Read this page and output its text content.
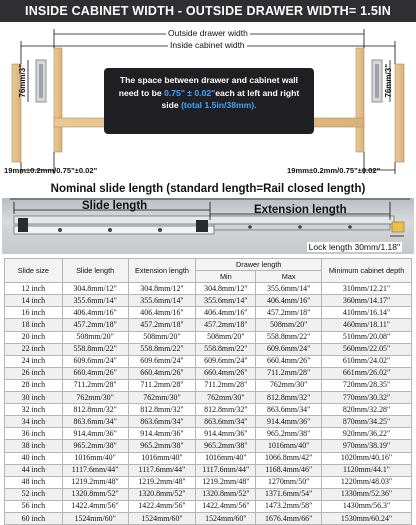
INSIDE CABINET WIDTH - OUTSIDE DRAWER WIDTH= 1.5IN
Outside drawer width
Inside cabinet width
76mm/3"	76mm/3"
The space between drawer and cabinet wall
need to be 0.75" ± 0.02"each at left and right
side (total 1.5in/38mm).
19mm±0.2mm/0.75"±0.02"	19mm±0.2mm/0.75"±0.02"
Nominal slide length (standard length=Rail closed length)
Slide length	Extension length
Lock length 30mm/1.18"
Slide size	Slide length	Extension length	Drawer length		Minimum cabinet depth
			Min	Max	
12 inch	304.8mm/12"	304.8mm/12"	304.8mm/12"	355.6mm/14"	310mm/12.21"
14 inch	355.6mm/14"	355.6mm/14"	355.6mm/14"	406.4mm/16"	360mm/14.17"
16 inch	406.4mm/16"	406.4mm/16"	406.4mm/16"	457.2mm/18"	410mm/16.14"
18 inch	457.2mm/18"	457.2mm/18"	457.2mm/18"	508mm/20"	460mm/18.11"
20 inch	508mm/20"	508mm/20"	508mm/20"	558.8mm/22"	510mm/20.08"
22 inch	558.8mm/22"	558.8mm/22"	558.8mm/22"	609.6mm/24"	560mm/22.05"
24 inch	609.6mm/24"	609.6mm/24"	609.6mm/24"	660.4mm/26"	610mm/24.02"
26 inch	660.4mm/26"	660.4mm/26"	660.4mm/26"	711.2mm/28"	661mm/26.02"
28 inch	711.2mm/28"	711.2mm/28"	711.2mm/28"	762mm/30"	720mm/28.35"
30 inch	762mm/30"	762mm/30"	762mm/30"	812.8mm/32"	770mm/30.32"
32 inch	812.8mm/32"	812.8mm/32"	812.8mm/32"	863.6mm/34"	820mm/32.28"
34 inch	863.6mm/34"	863.6mm/34"	863.6mm/34"	914.4mm/36"	870mm/34.25"
36 inch	914.4mm/36"	914.4mm/36"	914.4mm/36"	965.2mm/38"	920mm/36.22"
38 inch	965.2mm/38"	965.2mm/38"	965.2mm/38"	1016mm/40"	970mm/38.19"
40 inch	1016mm/40"	1016mm/40"	1016mm/40"	1066.8mm/42"	1020mm/40.16"
44 inch	1117.6mm/44"	1117.6mm/44"	1117.6mm/44"	1168.4mm/46"	1120mm/44.1"
48 inch	1219.2mm/48"	1219.2mm/48"	1219.2mm/48"	1270mm/50"	1220mm/48.03"
52 inch	1320.8mm/52"	1320.8mm/52"	1320.8mm/52"	1371.6mm/54"	1330mm/52.36"
56 inch	1422.4mm/56"	1422.4mm/56"	1422.4mm/56"	1473.2mm/58"	1430mm/56.3"
60 inch	1524mm/60"	1524mm/60"	1524mm/60"	1676.4mm/66"	1530mm/60.24"
